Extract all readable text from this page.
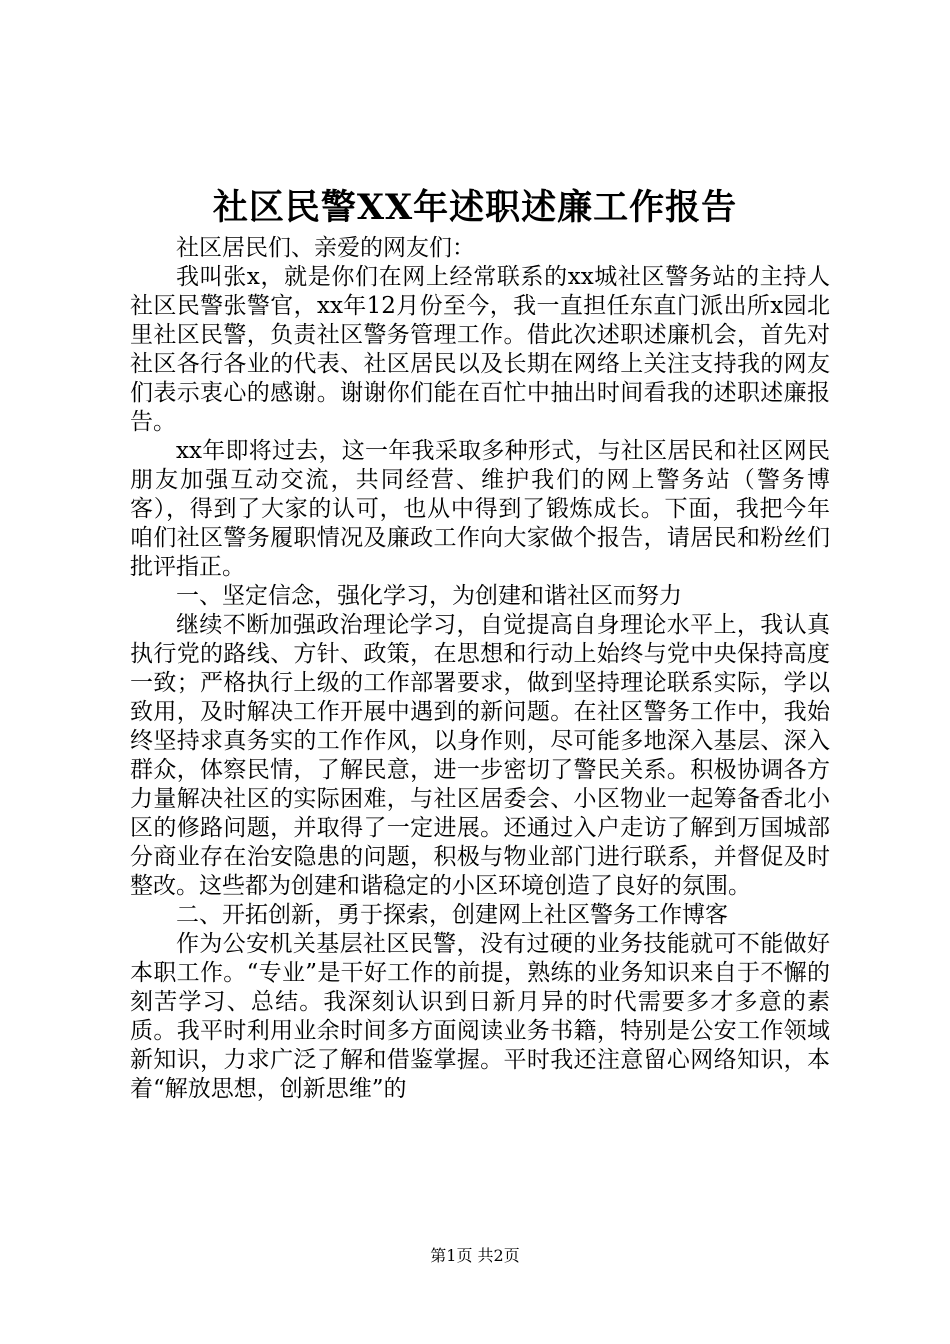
社区民警XX年述职述廉工作报告

社区居民们、亲爱的网友们：

我叫张x，就是你们在网上经常联系的xx城社区警务站的主持人社区民警张警官，xx年12月份至今，我一直担任东直门派出所x园北里社区民警，负责社区警务管理工作。借此次述职述廉机会，首先对社区各行各业的代表、社区居民以及长期在网络上关注支持我的网友们表示衷心的感谢。谢谢你们能在百忙中抽出时间看我的述职述廉报告。

xx年即将过去，这一年我采取多种形式，与社区居民和社区网民朋友加强互动交流，共同经营、维护我们的网上警务站（警务博客），得到了大家的认可，也从中得到了锻炼成长。下面，我把今年咱们社区警务履职情况及廉政工作向大家做个报告，请居民和粉丝们批评指正。

一、坚定信念，强化学习，为创建和谐社区而努力

继续不断加强政治理论学习，自觉提高自身理论水平上，我认真执行党的路线、方针、政策，在思想和行动上始终与党中央保持高度一致；严格执行上级的工作部署要求，做到坚持理论联系实际，学以致用，及时解决工作开展中遇到的新问题。在社区警务工作中，我始终坚持求真务实的工作作风，以身作则，尽可能多地深入基层、深入群众，体察民情，了解民意，进一步密切了警民关系。积极协调各方力量解决社区的实际困难，与社区居委会、小区物业一起筹备香北小区的修路问题，并取得了一定进展。还通过入户走访了解到万国城部分商业存在治安隐患的问题，积极与物业部门进行联系，并督促及时整改。这些都为创建和谐稳定的小区环境创造了良好的氛围。

二、开拓创新，勇于探索，创建网上社区警务工作博客

作为公安机关基层社区民警，没有过硬的业务技能就可不能做好本职工作。“专业”是干好工作的前提，熟练的业务知识来自于不懈的刻苦学习、总结。我深刻认识到日新月异的时代需要多才多意的素质。我平时利用业余时间多方面阅读业务书籍，特别是公安工作领域新知识，力求广泛了解和借鉴掌握。平时我还注意留心网络知识，本着“解放思想，创新思维”的

第1页 共2页
